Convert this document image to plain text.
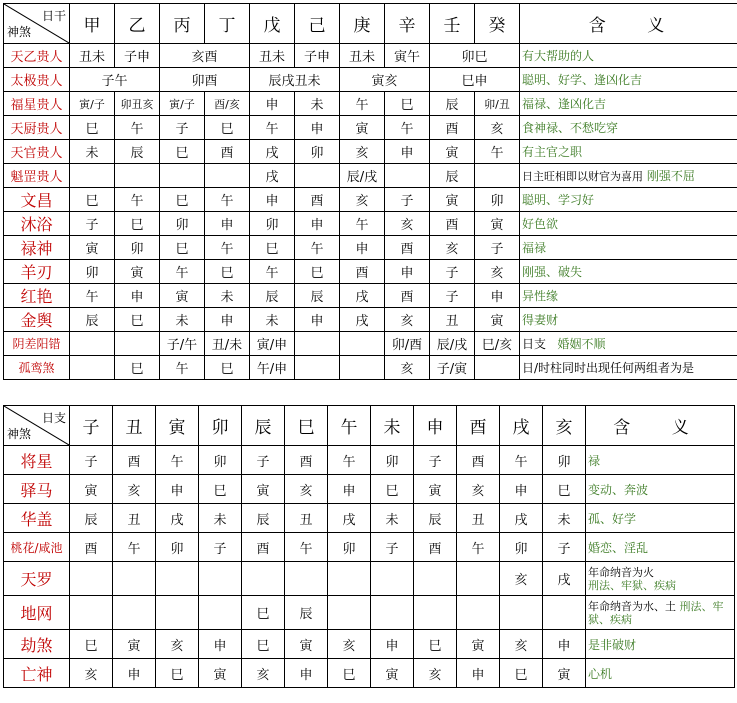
日干
神煞	甲	乙	丙	丁	戊	己	庚	辛	壬	癸	含 义
天乙贵人	丑未	子申	亥酉		丑未	子申	丑未	寅午	卯巳		有大帮助的人
太极贵人	子午		卯酉		辰戌丑未		寅亥		巳申		聪明、好学、逢凶化吉
福星贵人	寅/子	卯丑亥	寅/子	酉/亥	申	未	午	巳	辰	卯/丑	福禄、逢凶化吉
天厨贵人	巳	午	子	巳	午	申	寅	午	酉	亥	食神禄、不愁吃穿
天官贵人	未	辰	巳	酉	戌	卯	亥	申	寅	午	有主官之职
魁罡贵人					戌		辰/戌		辰		日主旺相即以财官为喜用 刚强不屈
文昌	巳	午	巳	午	申	酉	亥	子	寅	卯	聪明、学习好
沐浴	子	巳	卯	申	卯	申	午	亥	酉	寅	好色欲
禄神	寅	卯	巳	午	巳	午	申	酉	亥	子	福禄
羊刃	卯	寅	午	巳	午	巳	酉	申	子	亥	刚强、破失
红艳	午	申	寅	未	辰	辰	戌	酉	子	申	异性缘
金舆	辰	巳	未	申	未	申	戌	亥	丑	寅	得妻财
阴差阳错			子/午	丑/未	寅/申			卯/酉	辰/戌	巳/亥	日支 婚姻不顺
孤鸾煞		巳	午	巳	午/申			亥	子/寅		日/时柱同时出现任何两组者为是
日支
神煞	子	丑	寅	卯	辰	巳	午	未	申	酉	戌	亥	含 义
将星	子	酉	午	卯	子	酉	午	卯	子	酉	午	卯	禄
驿马	寅	亥	申	巳	寅	亥	申	巳	寅	亥	申	巳	变动、奔波
华盖	辰	丑	戌	未	辰	丑	戌	未	辰	丑	戌	未	孤、好学
桃花/咸池	酉	午	卯	子	酉	午	卯	子	酉	午	卯	子	婚恋、淫乱
天罗											亥	戌	年命纳音为火
刑法、牢狱、疾病
地网					巳	辰							年命纳音为水、土 刑法、牢狱、疾病
劫煞	巳	寅	亥	申	巳	寅	亥	申	巳	寅	亥	申	是非破财
亡神	亥	申	巳	寅	亥	申	巳	寅	亥	申	巳	寅	心机
